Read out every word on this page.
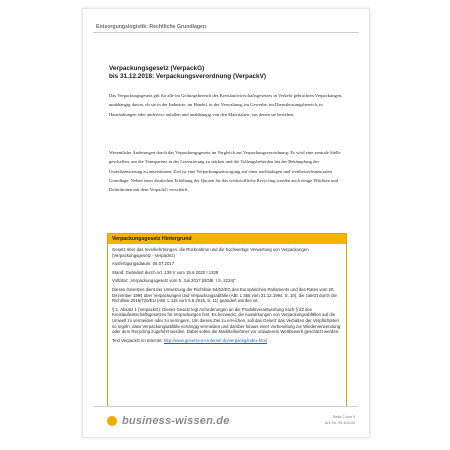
Entsorgungslogistik: Rechtliche Grundlagen
Verpackungsgesetz (VerpackG)
bis 31.12.2018: Verpackungsverordnung (VerpackV)
Das Verpackungsgesetz gilt für alle im Geltungsbereich des Kreislaufwirtschaftsgesetzes in Verkehr gebrachten Verpackungen, unabhängig davon, ob sie in der Industrie, im Handel, in der Verwaltung, im Gewerbe, im Dienstleistungsbereich, in Haushaltungen oder anderswo anfallen und unabhängig von den Materialien, aus denen sie bestehen.
Wesentliche Änderungen durch das Verpackungsgesetz im Vergleich zur Verpackungsverordnung: Es wird eine zentrale Stelle geschaffen, um die Transparenz in der Lizenzierung zu stärken und die Vollzugsbehörden bei der Bekämpfung der Unterlizenzierung zu unterstützen. Ziel ist eine Verpackungsentsorgung auf einer nachhaltigen und wettbewerbsneutralen Grundlage. Neben einer deutlichen Erhöhung der Quoten für das werkstoffliche Recycling werden auch einige Pflichten und Definitionen mit dem VerpackG verschärft.
Verpackungsgesetz Hintergrund
Gesetz über das Inverkehrbringen, die Rücknahme und die hochwertige Verwertung von Verpackungen (Verpackungsgesetz - VerpackG)
Ausfertigungsdatum: 05.07.2017
Stand: Geändert durch Art. 139 V vom 19.6.2020 I 1328
Vollzitat: „Verpackungsgesetz vom 5. Juli 2017 (BGBl. I S. 2234)“
Dieses Gesetzes dient der Umsetzung der Richtlinie 94/62/EG des Europäischen Parlaments und des Rates vom 20. Dezember 1994 über Verpackungen und Verpackungsabfälle (ABl. L 365 vom 31.12.1994, S. 10), die zuletzt durch die Richtlinie 2015/720/EU (ABl. L 115 vom 6.5.2015, S. 11) geändert worden ist.
§ 1, Absatz 1 (VerpackG): Dieses Gesetz legt Anforderungen an die Produktverantwortung nach § 23 des Kreislaufwirtschaftsgesetzes für Verpackungen fest. Es bezweckt, die Auswirkungen von Verpackungsabfällen auf die Umwelt zu vermeiden oder zu verringern. Um dieses Ziel zu erreichen, soll das Gesetz das Verhalten der Verpflichteten so regeln, dass Verpackungsabfälle vorrangig vermieden und darüber hinaus einer Vorbereitung zur Wiederverwendung oder dem Recycling zugeführt werden. Dabei sollen die Marktteilnehmer vor unlauterem Wettbewerb geschützt werden.
Text VerpackG im Internet: http://www.gesetze-im-internet.de/verpackg/index.html
business-wissen.de	Seite 2 von 9
Art.-Nr. 99.103.03
